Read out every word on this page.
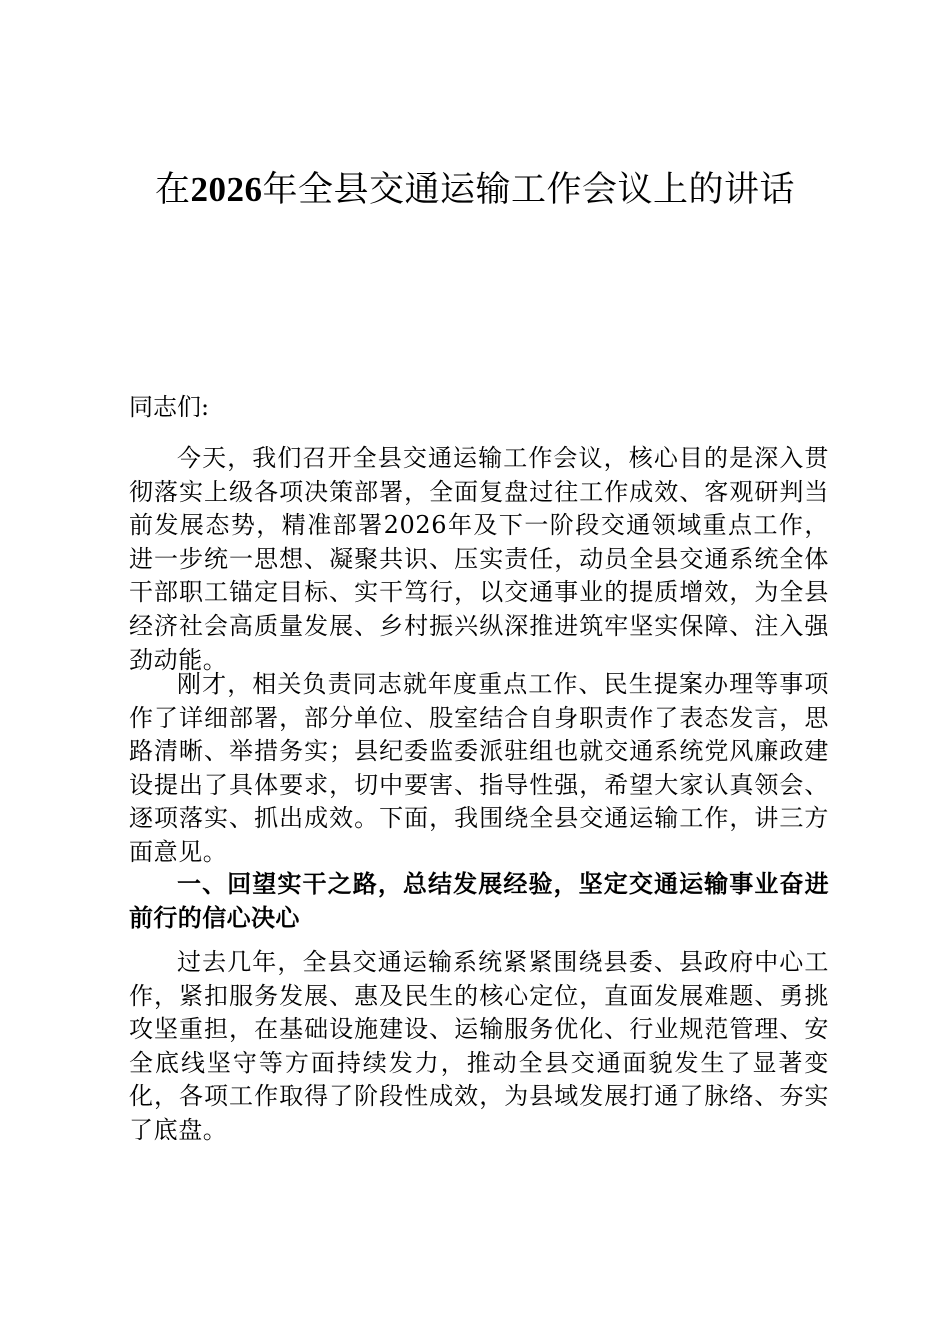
在2026年全县交通运输工作会议上的讲话
同志们:

今天，我们召开全县交通运输工作会议，核心目的是深入贯彻落实上级各项决策部署，全面复盘过往工作成效、客观研判当前发展态势，精准部署2026年及下一阶段交通领域重点工作，进一步统一思想、凝聚共识、压实责任，动员全县交通系统全体干部职工锚定目标、实干笃行，以交通事业的提质增效，为全县经济社会高质量发展、乡村振兴纵深推进筑牢坚实保障、注入强劲动能。

刚才，相关负责同志就年度重点工作、民生提案办理等事项作了详细部署，部分单位、股室结合自身职责作了表态发言，思路清晰、举措务实；县纪委监委派驻组也就交通系统党风廉政建设提出了具体要求，切中要害、指导性强，希望大家认真领会、逐项落实、抓出成效。下面，我围绕全县交通运输工作，讲三方面意见。

一、回望实干之路，总结发展经验，坚定交通运输事业奋进前行的信心决心

过去几年，全县交通运输系统紧紧围绕县委、县政府中心工作，紧扣服务发展、惠及民生的核心定位，直面发展难题、勇挑攻坚重担，在基础设施建设、运输服务优化、行业规范管理、安全底线坚守等方面持续发力，推动全县交通面貌发生了显著变化，各项工作取得了阶段性成效，为县域发展打通了脉络、夯实了底盘。
